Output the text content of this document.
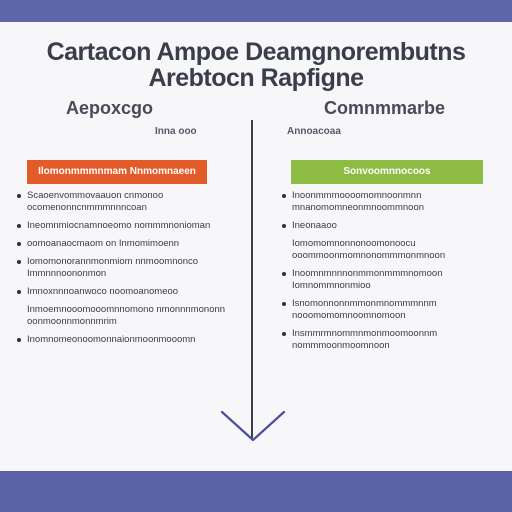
Cartacon Ampoe Deamgnorembutns
Arebtocn Rapfigne
Aepoxcgo	Comnmmarbe
Inna ooo	Annoacoaa
Ilomonmmmnmam Nnmomnaeen	Sonvoomnnocoos
Scaoenvommovaauon cnmonoo ocomenonncnmmmnnncoan
Ineomnmiocnamnoeomo nommmnonioman
oomoanaocmaom on Inmomimoenn
Iomomonorannmonmiom nnmoomnonco Immnnnoononmon
Imnoxnnnoanwoco noomoanomeoo
Inmoemnooomooomnnomono nmonnnmononn oonmoonnmonnmrim
Inomnomeonoomonnaionmoonmooomn
Inoonmmmoooomomnoonmnn mnanomomneonmnoommnoon
Ineonaaoo
Iomomomnonnonoomonoocu ooommoonmomnonommmonmnoon
Inoomnmnnnonmmonmmmnomoon Iomnommnonmioo
Isnomonnonnmmonmnommmnnm nooomomomnoomnomoon
Insmmrmnommnmonmoomoonnm nommmoonmoomnoon
